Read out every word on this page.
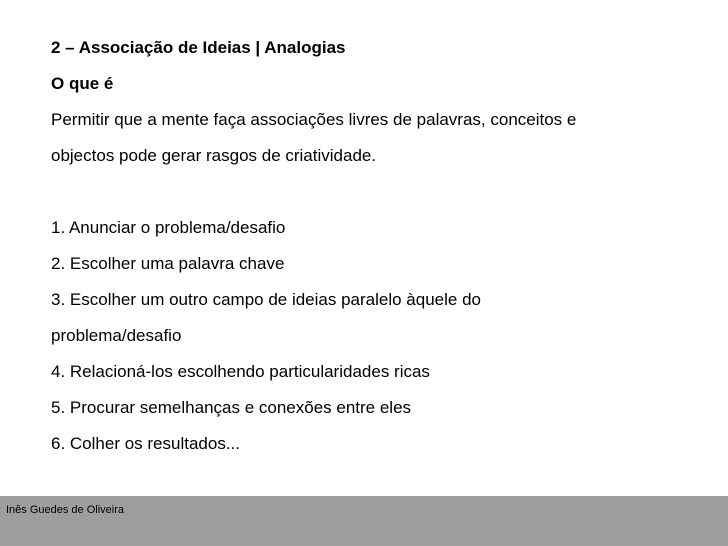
2 – Associação de Ideias | Analogias
O que é
Permitir que a mente faça associações livres de palavras, conceitos e
objectos pode gerar rasgos de criatividade.
1. Anunciar o problema/desafio
2. Escolher uma palavra chave
3. Escolher um outro campo de ideias paralelo àquele do
problema/desafio
4. Relacioná-los escolhendo particularidades ricas
5. Procurar semelhanças e conexões entre eles
6. Colher os resultados...
Inês Guedes de Oliveira
